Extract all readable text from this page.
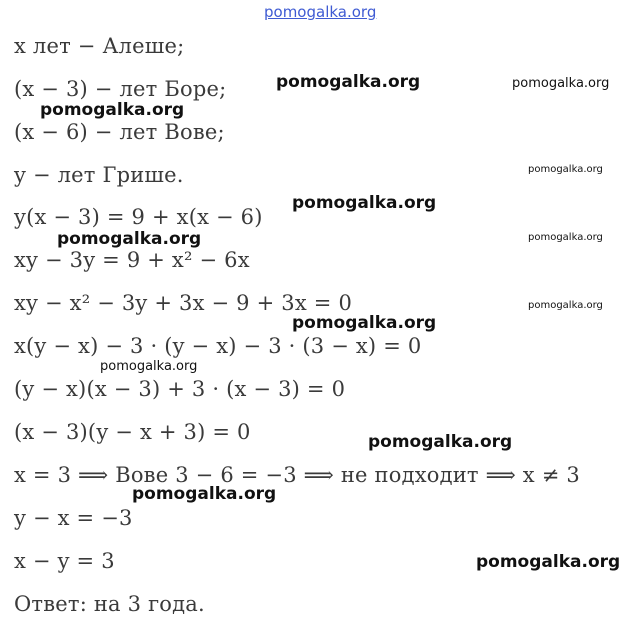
x лет − Алеше;
(x − 3) − лет Боре;
(x − 6) − лет Вове;
y − лет Грише.
y(x − 3) = 9 + x(x − 6)
xy − 3y = 9 + x² − 6x
xy − x² − 3y + 3x − 9 + 3x = 0
x(y − x) − 3 · (y − x) − 3 · (3 − x) = 0
(y − x)(x − 3) + 3 · (x − 3) = 0
(x − 3)(y − x + 3) = 0
x = 3 ⟹ Вове 3 − 6 = −3 ⟹ не подходит ⟹ x ≠ 3
y − x = −3
x − y = 3
Ответ: на 3 года.
pomogalka.org
pomogalka.org	pomogalka.org
pomogalka.org
pomogalka.org
pomogalka.org
pomogalka.org	pomogalka.org
pomogalka.org
pomogalka.org
pomogalka.org
pomogalka.org
pomogalka.org
pomogalka.org
